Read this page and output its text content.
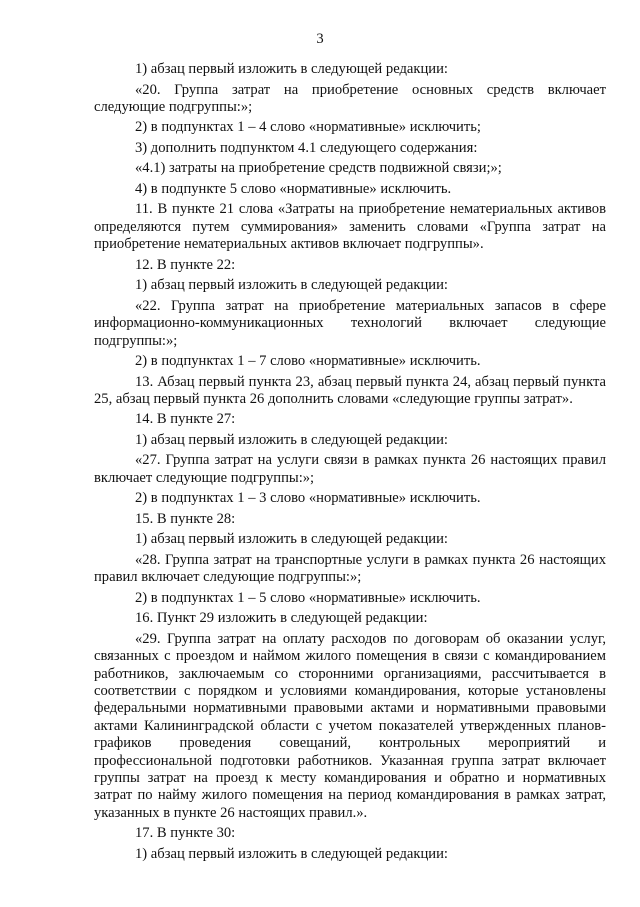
3

1) абзац первый изложить в следующей редакции:

«20. Группа затрат на приобретение основных средств включает следующие подгруппы:»;

2) в подпунктах 1 – 4 слово «нормативные» исключить;

3) дополнить подпунктом 4.1 следующего содержания:

«4.1) затраты на приобретение средств подвижной связи;»;

4) в подпункте 5 слово «нормативные» исключить.

11. В пункте 21 слова «Затраты на приобретение нематериальных активов определяются путем суммирования» заменить словами «Группа затрат на приобретение нематериальных активов включает подгруппы».

12. В пункте 22:

1) абзац первый изложить в следующей редакции:

«22. Группа затрат на приобретение материальных запасов в сфере информационно-коммуникационных технологий включает следующие подгруппы:»;

2) в подпунктах 1 – 7 слово «нормативные» исключить.

13. Абзац первый пункта 23, абзац первый пункта 24, абзац первый пункта 25, абзац первый пункта 26 дополнить словами «следующие группы затрат».

14. В пункте 27:

1) абзац первый изложить в следующей редакции:

«27. Группа затрат на услуги связи в рамках пункта 26 настоящих правил включает следующие подгруппы:»;

2) в подпунктах 1 – 3 слово «нормативные» исключить.

15. В пункте 28:

1) абзац первый изложить в следующей редакции:

«28. Группа затрат на транспортные услуги в рамках пункта 26 настоящих правил включает следующие подгруппы:»;

2) в подпунктах 1 – 5 слово «нормативные» исключить.

16. Пункт 29 изложить в следующей редакции:

«29. Группа затрат на оплату расходов по договорам об оказании услуг, связанных с проездом и наймом жилого помещения в связи с командированием работников, заключаемым со сторонними организациями, рассчитывается в соответствии с порядком и условиями командирования, которые установлены федеральными нормативными правовыми актами и нормативными правовыми актами Калининградской области с учетом показателей утвержденных планов-графиков проведения совещаний, контрольных мероприятий и профессиональной подготовки работников. Указанная группа затрат включает группы затрат на проезд к месту командирования и обратно и нормативных затрат по найму жилого помещения на период командирования в рамках затрат, указанных в пункте 26 настоящих правил.».

17. В пункте 30:

1) абзац первый изложить в следующей редакции:
